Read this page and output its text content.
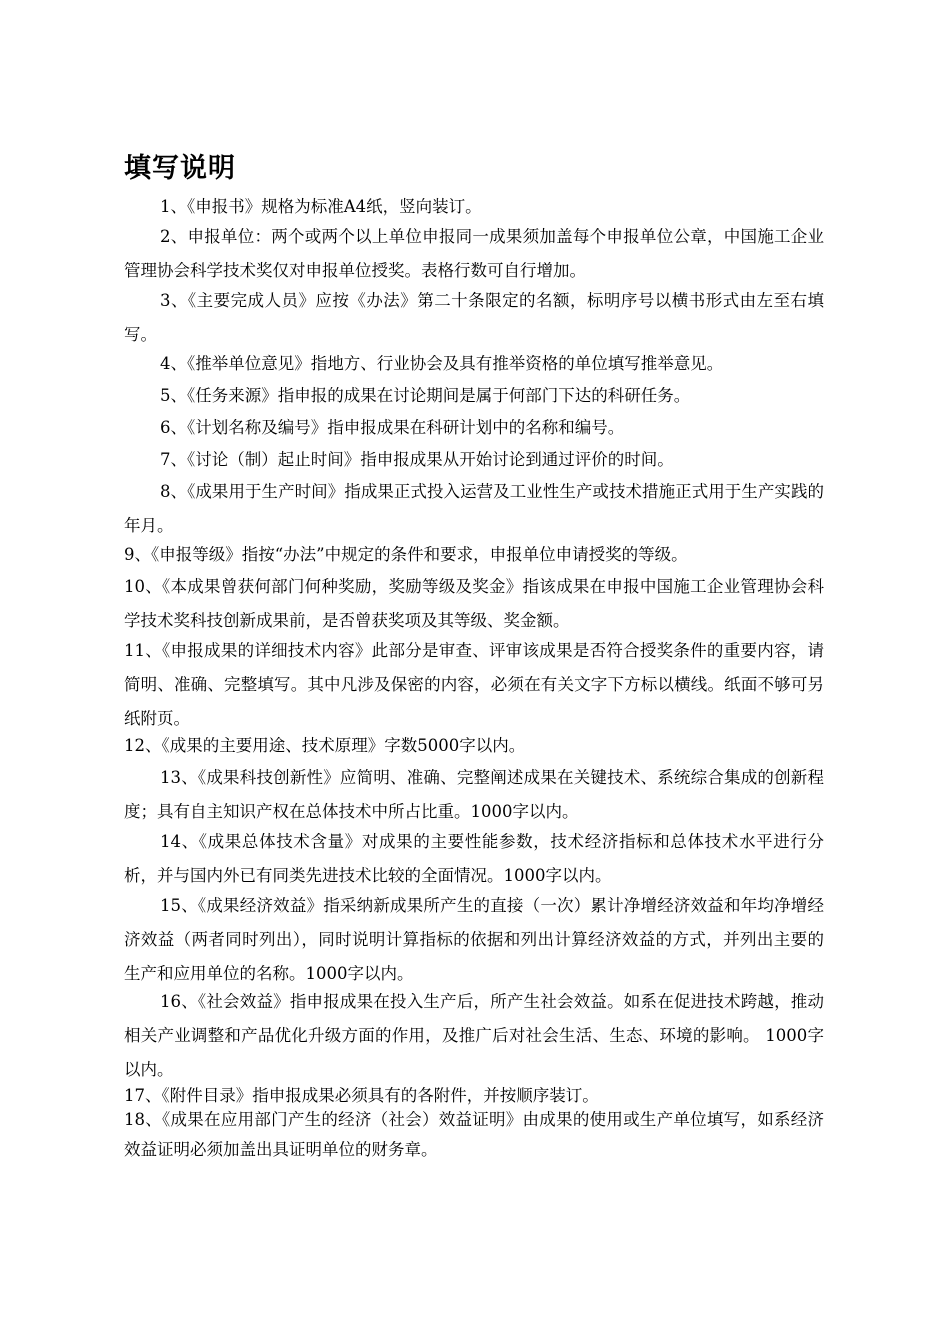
填写说明

1、《申报书》规格为标准A4纸，竖向装订。

2、申报单位：两个或两个以上单位申报同一成果须加盖每个申报单位公章，中国施工企业管理协会科学技术奖仅对申报单位授奖。表格行数可自行增加。

3、《主要完成人员》应按《办法》第二十条限定的名额，标明序号以横书形式由左至右填写。

4、《推举单位意见》指地方、行业协会及具有推举资格的单位填写推举意见。

5、《任务来源》指申报的成果在讨论期间是属于何部门下达的科研任务。

6、《计划名称及编号》指申报成果在科研计划中的名称和编号。

7、《讨论（制）起止时间》指申报成果从开始讨论到通过评价的时间。

8、《成果用于生产时间》指成果正式投入运营及工业性生产或技术措施正式用于生产实践的年月。

9、《申报等级》指按“办法”中规定的条件和要求，申报单位申请授奖的等级。

10、《本成果曾获何部门何种奖励，奖励等级及奖金》指该成果在申报中国施工企业管理协会科学技术奖科技创新成果前，是否曾获奖项及其等级、奖金额。

11、《申报成果的详细技术内容》此部分是审查、评审该成果是否符合授奖条件的重要内容，请简明、准确、完整填写。其中凡涉及保密的内容，必须在有关文字下方标以横线。纸面不够可另纸附页。

12、《成果的主要用途、技术原理》字数5000字以内。

13、《成果科技创新性》应简明、准确、完整阐述成果在关键技术、系统综合集成的创新程度；具有自主知识产权在总体技术中所占比重。1000字以内。

14、《成果总体技术含量》对成果的主要性能参数，技术经济指标和总体技术水平进行分析，并与国内外已有同类先进技术比较的全面情况。1000字以内。

15、《成果经济效益》指采纳新成果所产生的直接（一次）累计净增经济效益和年均净增经济效益（两者同时列出），同时说明计算指标的依据和列出计算经济效益的方式，并列出主要的生产和应用单位的名称。1000字以内。

16、《社会效益》指申报成果在投入生产后，所产生社会效益。如系在促进技术跨越，推动相关产业调整和产品优化升级方面的作用，及推广后对社会生活、生态、环境的影响。 1000字以内。

17、《附件目录》指申报成果必须具有的各附件，并按顺序装订。

18、《成果在应用部门产生的经济（社会）效益证明》由成果的使用或生产单位填写，如系经济效益证明必须加盖出具证明单位的财务章。
